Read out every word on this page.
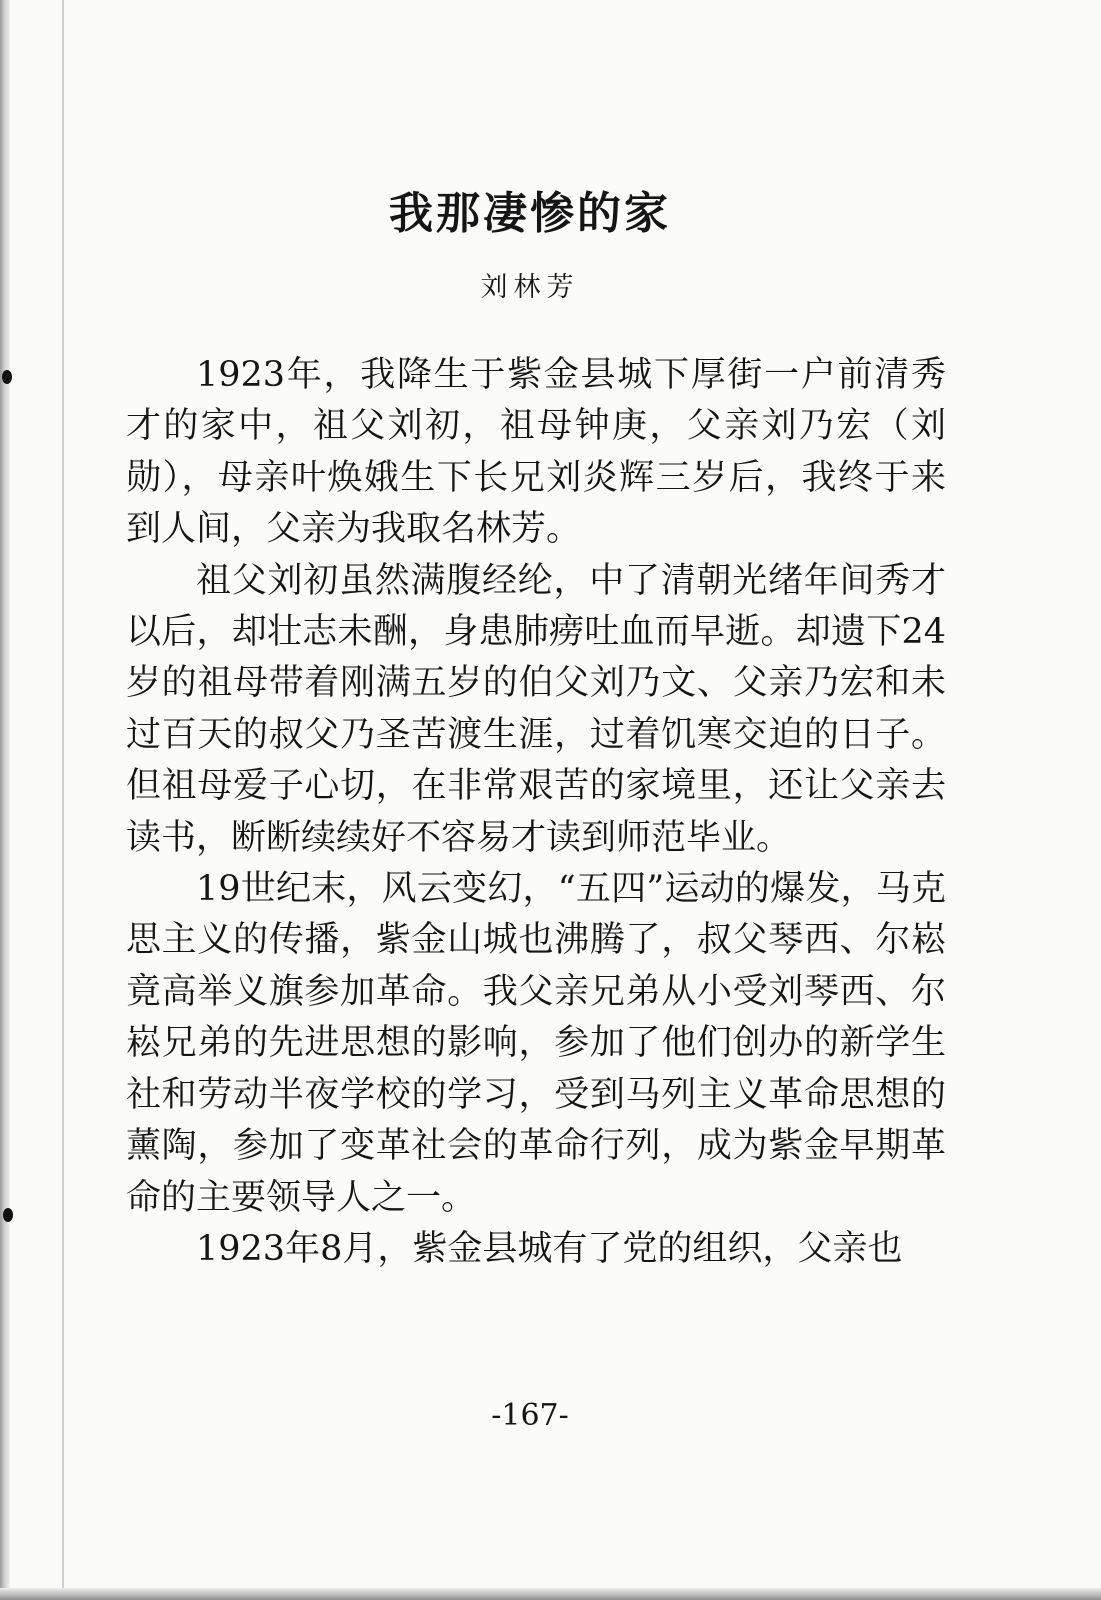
我那凄惨的家
刘林芳

1923年，我降生于紫金县城下厚街一户前清秀才的家中，祖父刘初，祖母钟庚，父亲刘乃宏（刘勋），母亲叶焕娥生下长兄刘炎辉三岁后，我终于来到人间，父亲为我取名林芳。

祖父刘初虽然满腹经纶，中了清朝光绪年间秀才以后，却壮志未酬，身患肺痨吐血而早逝。却遗下24岁的祖母带着刚满五岁的伯父刘乃文、父亲乃宏和未过百天的叔父乃圣苦渡生涯，过着饥寒交迫的日子。但祖母爱子心切，在非常艰苦的家境里，还让父亲去读书，断断续续好不容易才读到师范毕业。

19世纪末，风云变幻，“五四”运动的爆发，马克思主义的传播，紫金山城也沸腾了，叔父琴西、尔崧竟高举义旗参加革命。我父亲兄弟从小受刘琴西、尔崧兄弟的先进思想的影响，参加了他们创办的新学生社和劳动半夜学校的学习，受到马列主义革命思想的薰陶，参加了变革社会的革命行列，成为紫金早期革命的主要领导人之一。

1923年8月，紫金县城有了党的组织，父亲也

-167-
